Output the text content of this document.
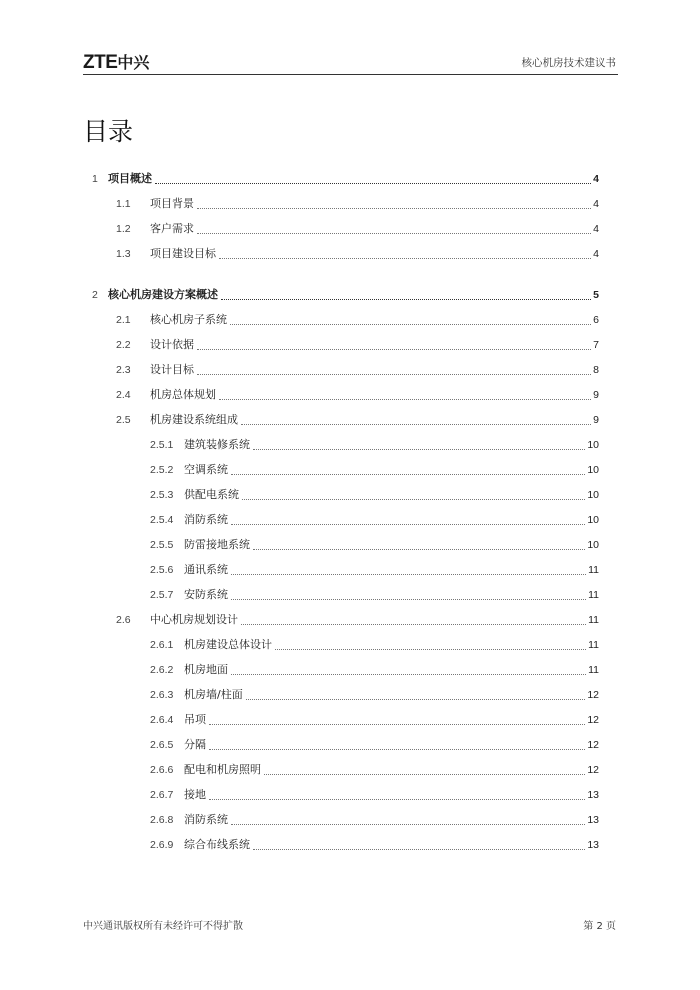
ZTE中兴	核心机房技术建议书
目录
1 项目概述	4
1.1	项目背景	4
1.2	客户需求	4
1.3	项目建设目标	4
2 核心机房建设方案概述	5
2.1	核心机房子系统	6
2.2	设计依据	7
2.3	设计目标	8
2.4	机房总体规划	9
2.5	机房建设系统组成	9
2.5.1 建筑装修系统	10
2.5.2 空调系统	10
2.5.3 供配电系统	10
2.5.4 消防系统	10
2.5.5 防雷接地系统	10
2.5.6 通讯系统	11
2.5.7 安防系统	11
2.6	中心机房规划设计	11
2.6.1 机房建设总体设计	11
2.6.2 机房地面	11
2.6.3 机房墙/柱面	12
2.6.4 吊项	12
2.6.5 分隔	12
2.6.6 配电和机房照明	12
2.6.7 接地	13
2.6.8 消防系统	13
2.6.9 综合布线系统	13
中兴通讯版权所有未经许可不得扩散	第 2 页
